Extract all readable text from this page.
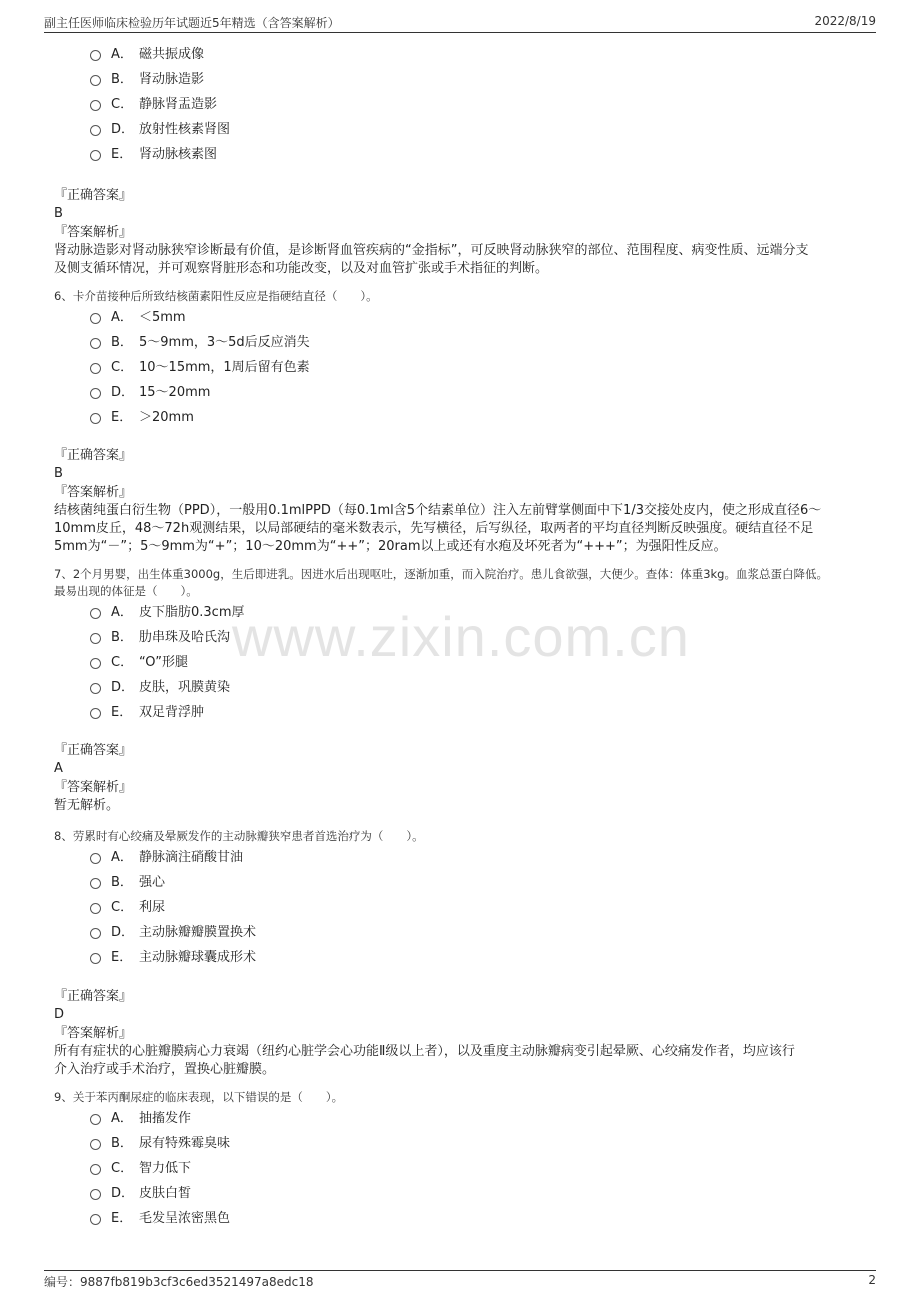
副主任医师临床检验历年试题近5年精选（含答案解析）	2022/8/19
www.zixin.com.cn
A． 磁共振成像
B． 肾动脉造影
C． 静脉肾盂造影
D． 放射性核素肾图
E． 肾动脉核素图
『正确答案』
B
『答案解析』
肾动脉造影对肾动脉狭窄诊断最有价值，是诊断肾血管疾病的“金指标”，可反映肾动脉狭窄的部位、范围程度、病变性质、远端分支
及侧支循环情况，并可观察肾脏形态和功能改变，以及对血管扩张或手术指征的判断。
6、卡介苗接种后所致结核菌素阳性反应是指硬结直径（　　）。
A． ＜5mm
B． 5～9mm，3～5d后反应消失
C． 10～15mm，1周后留有色素
D． 15～20mm
E． ＞20mm
『正确答案』
B
『答案解析』
结核菌纯蛋白衍生物（PPD），一般用0.1mlPPD（每0.1ml含5个结素单位）注入左前臂掌侧面中下1/3交接处皮内，使之形成直径6～
10mm皮丘，48～72h观测结果，以局部硬结的毫米数表示，先写横径，后写纵径，取两者的平均直径判断反映强度。硬结直径不足
5mm为“－”；5～9mm为“+”；10～20mm为“++”；20ram以上或还有水疱及坏死者为“+++”；为强阳性反应。
7、2个月男婴，出生体重3000g，生后即进乳。因进水后出现呕吐，逐渐加重，而入院治疗。患儿食欲强，大便少。查体：体重3kg。血浆总蛋白降低。
最易出现的体征是（　　）。
A． 皮下脂肪0.3cm厚
B． 肋串珠及哈氏沟
C． “O”形腿
D． 皮肤，巩膜黄染
E． 双足背浮肿
『正确答案』
A
『答案解析』
暂无解析。
8、劳累时有心绞痛及晕厥发作的主动脉瓣狭窄患者首选治疗为（　　）。
A． 静脉滴注硝酸甘油
B． 强心
C． 利尿
D． 主动脉瓣瓣膜置换术
E． 主动脉瓣球囊成形术
『正确答案』
D
『答案解析』
所有有症状的心脏瓣膜病心力衰竭（纽约心脏学会心功能Ⅱ级以上者），以及重度主动脉瓣病变引起晕厥、心绞痛发作者，均应该行
介入治疗或手术治疗，置换心脏瓣膜。
9、关于苯丙酮尿症的临床表现，以下错误的是（　　）。
A． 抽搐发作
B． 尿有特殊霉臭味
C． 智力低下
D． 皮肤白皙
E． 毛发呈浓密黑色
编号：9887fb819b3cf3c6ed3521497a8edc18	2
